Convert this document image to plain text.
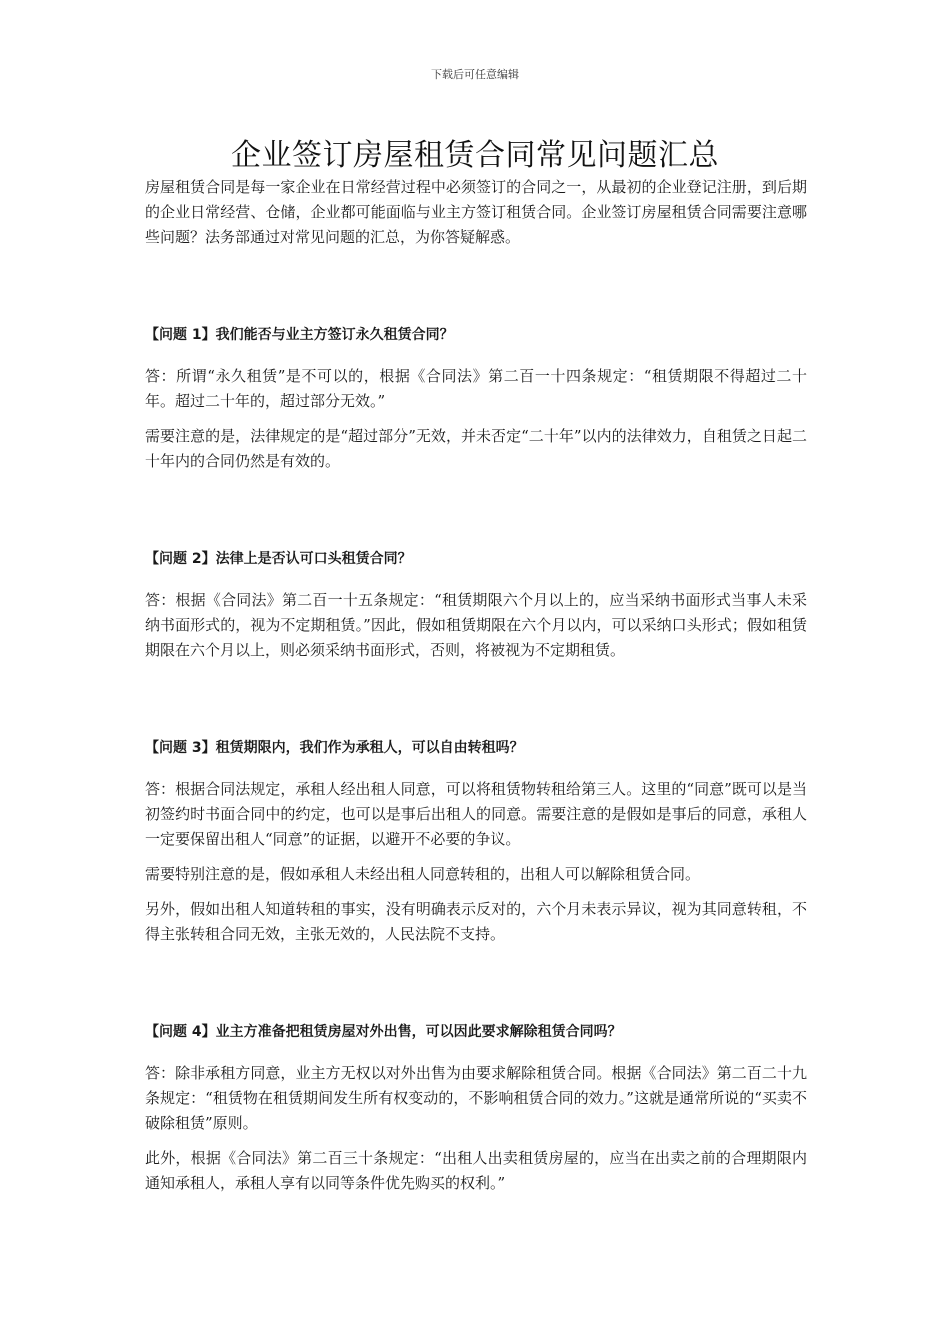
下载后可任意编辑
企业签订房屋租赁合同常见问题汇总

房屋租赁合同是每一家企业在日常经营过程中必须签订的合同之一，从最初的企业登记注册，到后期的企业日常经营、仓储，企业都可能面临与业主方签订租赁合同。企业签订房屋租赁合同需要注意哪些问题？法务部通过对常见问题的汇总，为你答疑解惑。

【问题 1】我们能否与业主方签订永久租赁合同？

答：所谓“永久租赁”是不可以的，根据《合同法》第二百一十四条规定：“租赁期限不得超过二十年。超过二十年的，超过部分无效。”

需要注意的是，法律规定的是“超过部分”无效，并未否定“二十年”以内的法律效力，自租赁之日起二十年内的合同仍然是有效的。

【问题 2】法律上是否认可口头租赁合同？

答：根据《合同法》第二百一十五条规定：“租赁期限六个月以上的，应当采纳书面形式当事人未采纳书面形式的，视为不定期租赁。”因此，假如租赁期限在六个月以内，可以采纳口头形式；假如租赁期限在六个月以上，则必须采纳书面形式，否则，将被视为不定期租赁。

【问题 3】租赁期限内，我们作为承租人，可以自由转租吗？

答：根据合同法规定，承租人经出租人同意，可以将租赁物转租给第三人。这里的“同意”既可以是当初签约时书面合同中的约定，也可以是事后出租人的同意。需要注意的是假如是事后的同意，承租人一定要保留出租人“同意”的证据，以避开不必要的争议。

需要特别注意的是，假如承租人未经出租人同意转租的，出租人可以解除租赁合同。

另外，假如出租人知道转租的事实，没有明确表示反对的，六个月未表示异议，视为其同意转租，不得主张转租合同无效，主张无效的，人民法院不支持。

【问题 4】业主方准备把租赁房屋对外出售，可以因此要求解除租赁合同吗？

答：除非承租方同意，业主方无权以对外出售为由要求解除租赁合同。根据《合同法》第二百二十九条规定：“租赁物在租赁期间发生所有权变动的，不影响租赁合同的效力。”这就是通常所说的“买卖不破除租赁”原则。

此外，根据《合同法》第二百三十条规定：“出租人出卖租赁房屋的，应当在出卖之前的合理期限内通知承租人，承租人享有以同等条件优先购买的权利。”
